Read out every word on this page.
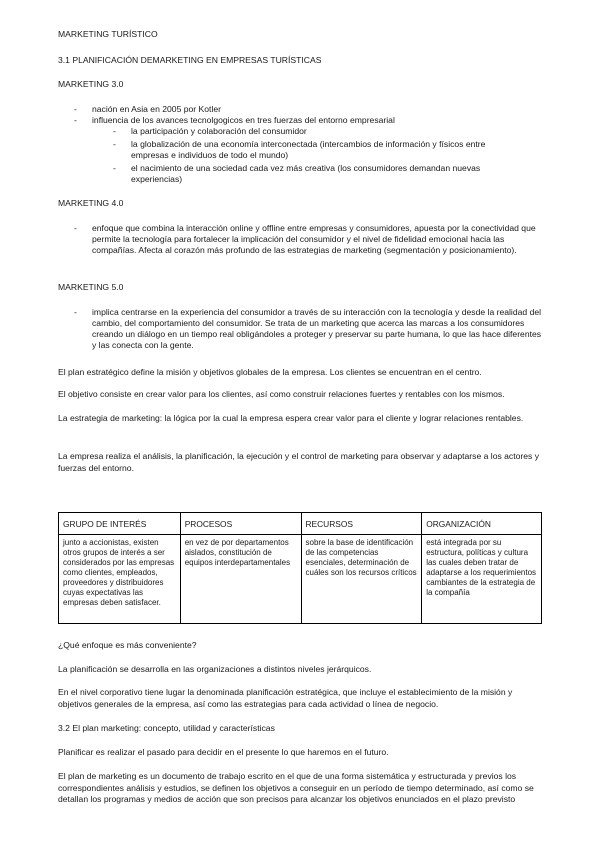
MARKETING TURÍSTICO
3.1 PLANIFICACIÓN DEMARKETING EN EMPRESAS TURÍSTICAS
MARKETING 3.0
- nación en Asia en 2005 por Kotler
- influencia de los avances tecnolgogicos en tres fuerzas del entorno empresarial
- la participación y colaboración del consumidor
- la globalización de una economía interconectada (intercambios de información y físicos entre empresas e individuos de todo el mundo)
- el nacimiento de una sociedad cada vez más creativa (los consumidores demandan nuevas experiencias)
MARKETING 4.0
- enfoque que combina la interacción online y offline entre empresas y consumidores, apuesta por la conectividad que permite la tecnología para fortalecer la implicación del consumidor y el nivel de fidelidad emocional hacia las compañías. Afecta al corazón más profundo de las estrategias de marketing (segmentación y posicionamiento).
MARKETING 5.0
- implica centrarse en la experiencia del consumidor a través de su interacción con la tecnología y desde la realidad del cambio, del comportamiento del consumidor. Se trata de un marketing que acerca las marcas a los consumidores creando un diálogo en un tiempo real obligándoles a proteger y preservar su parte humana, lo que las hace diferentes y las conecta con la gente.
El plan estratégico define la misión y objetivos globales de la empresa. Los clientes se encuentran en el centro.
El objetivo consiste en crear valor para los clientes, así como construir relaciones fuertes y rentables con los mismos.
La estrategia de marketing: la lógica por la cual la empresa espera crear valor para el cliente y lograr relaciones rentables.
La empresa realiza el análisis, la planificación, la ejecución y el control de marketing para observar y adaptarse a los actores y fuerzas del entorno.
GRUPO DE INTERÉS	PROCESOS	RECURSOS	ORGANIZACIÓN
junto a accionistas, existen otros grupos de interés a ser considerados por las empresas como clientes, empleados, proveedores y distribuidores cuyas expectativas las empresas deben satisfacer.	en vez de por departamentos aislados, constitución de equipos interdepartamentales	sobre la base de identificación de las competencias esenciales, determinación de cuáles son los recursos críticos	está integrada por su estructura, políticas y cultura las cuales deben tratar de adaptarse a los requerimientos cambiantes de la estrategia de la compañía
¿Qué enfoque es más conveniente?
La planificación se desarrolla en las organizaciones a distintos niveles jerárquicos.
En el nivel corporativo tiene lugar la denominada planificación estratégica, que incluye el establecimiento de la misión y objetivos generales de la empresa, así como las estrategias para cada actividad o línea de negocio.
3.2 El plan marketing: concepto, utilidad y características
Planificar es realizar el pasado para decidir en el presente lo que haremos en el futuro.
El plan de marketing es un documento de trabajo escrito en el que de una forma sistemática y estructurada y previos los correspondientes análisis y estudios, se definen los objetivos a conseguir en un período de tiempo determinado, así como se detallan los programas y medios de acción que son precisos para alcanzar los objetivos enunciados en el plazo previsto
